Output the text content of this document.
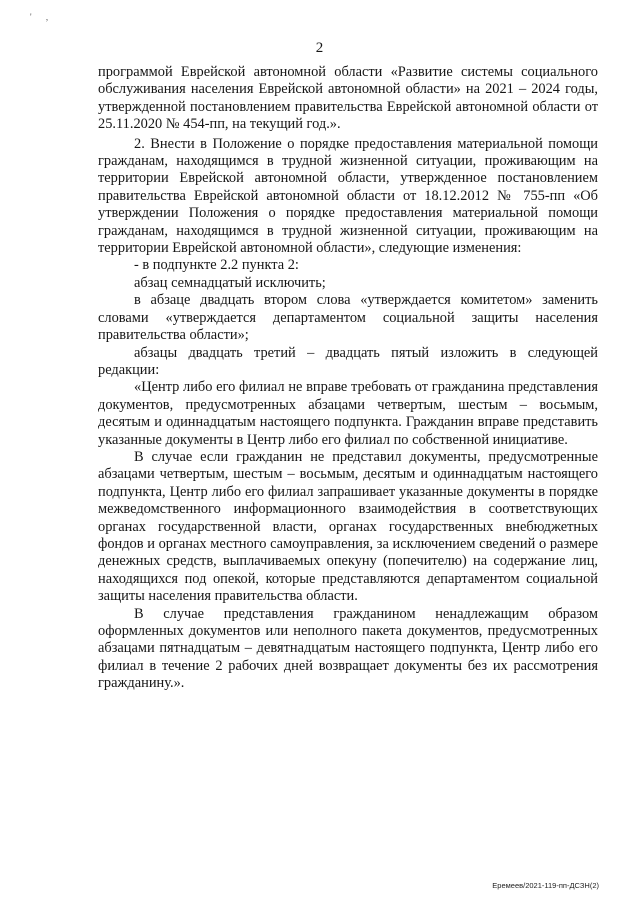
' ,
2

программой Еврейской автономной области «Развитие системы социального обслуживания населения Еврейской автономной области» на 2021 – 2024 годы, утвержденной постановлением правительства Еврейской автономной области от 25.11.2020 № 454-пп, на текущий год.».

2. Внести в Положение о порядке предоставления материальной помощи гражданам, находящимся в трудной жизненной ситуации, проживающим на территории Еврейской автономной области, утвержденное постановлением правительства Еврейской автономной области от 18.12.2012 № 755-пп «Об утверждении Положения о порядке предоставления материальной помощи гражданам, находящимся в трудной жизненной ситуации, проживающим на территории Еврейской автономной области», следующие изменения:

- в подпункте 2.2 пункта 2:

абзац семнадцатый исключить;

в абзаце двадцать втором слова «утверждается комитетом» заменить словами «утверждается департаментом социальной защиты населения правительства области»;

абзацы двадцать третий – двадцать пятый изложить в следующей редакции:

«Центр либо его филиал не вправе требовать от гражданина представления документов, предусмотренных абзацами четвертым, шестым – восьмым, десятым и одиннадцатым настоящего подпункта. Гражданин вправе представить указанные документы в Центр либо его филиал по собственной инициативе.

В случае если гражданин не представил документы, предусмотренные абзацами четвертым, шестым – восьмым, десятым и одиннадцатым настоящего подпункта, Центр либо его филиал запрашивает указанные документы в порядке межведомственного информационного взаимодействия в соответствующих органах государственной власти, органах государственных внебюджетных фондов и органах местного самоуправления, за исключением сведений о размере денежных средств, выплачиваемых опекуну (попечителю) на содержание лиц, находящихся под опекой, которые представляются департаментом социальной защиты населения правительства области.

В случае представления гражданином ненадлежащим образом оформленных документов или неполного пакета документов, предусмотренных абзацами пятнадцатым – девятнадцатым настоящего подпункта, Центр либо его филиал в течение 2 рабочих дней возвращает документы без их рассмотрения гражданину.».

Еремеев/2021-119-пп-ДСЗН(2)
